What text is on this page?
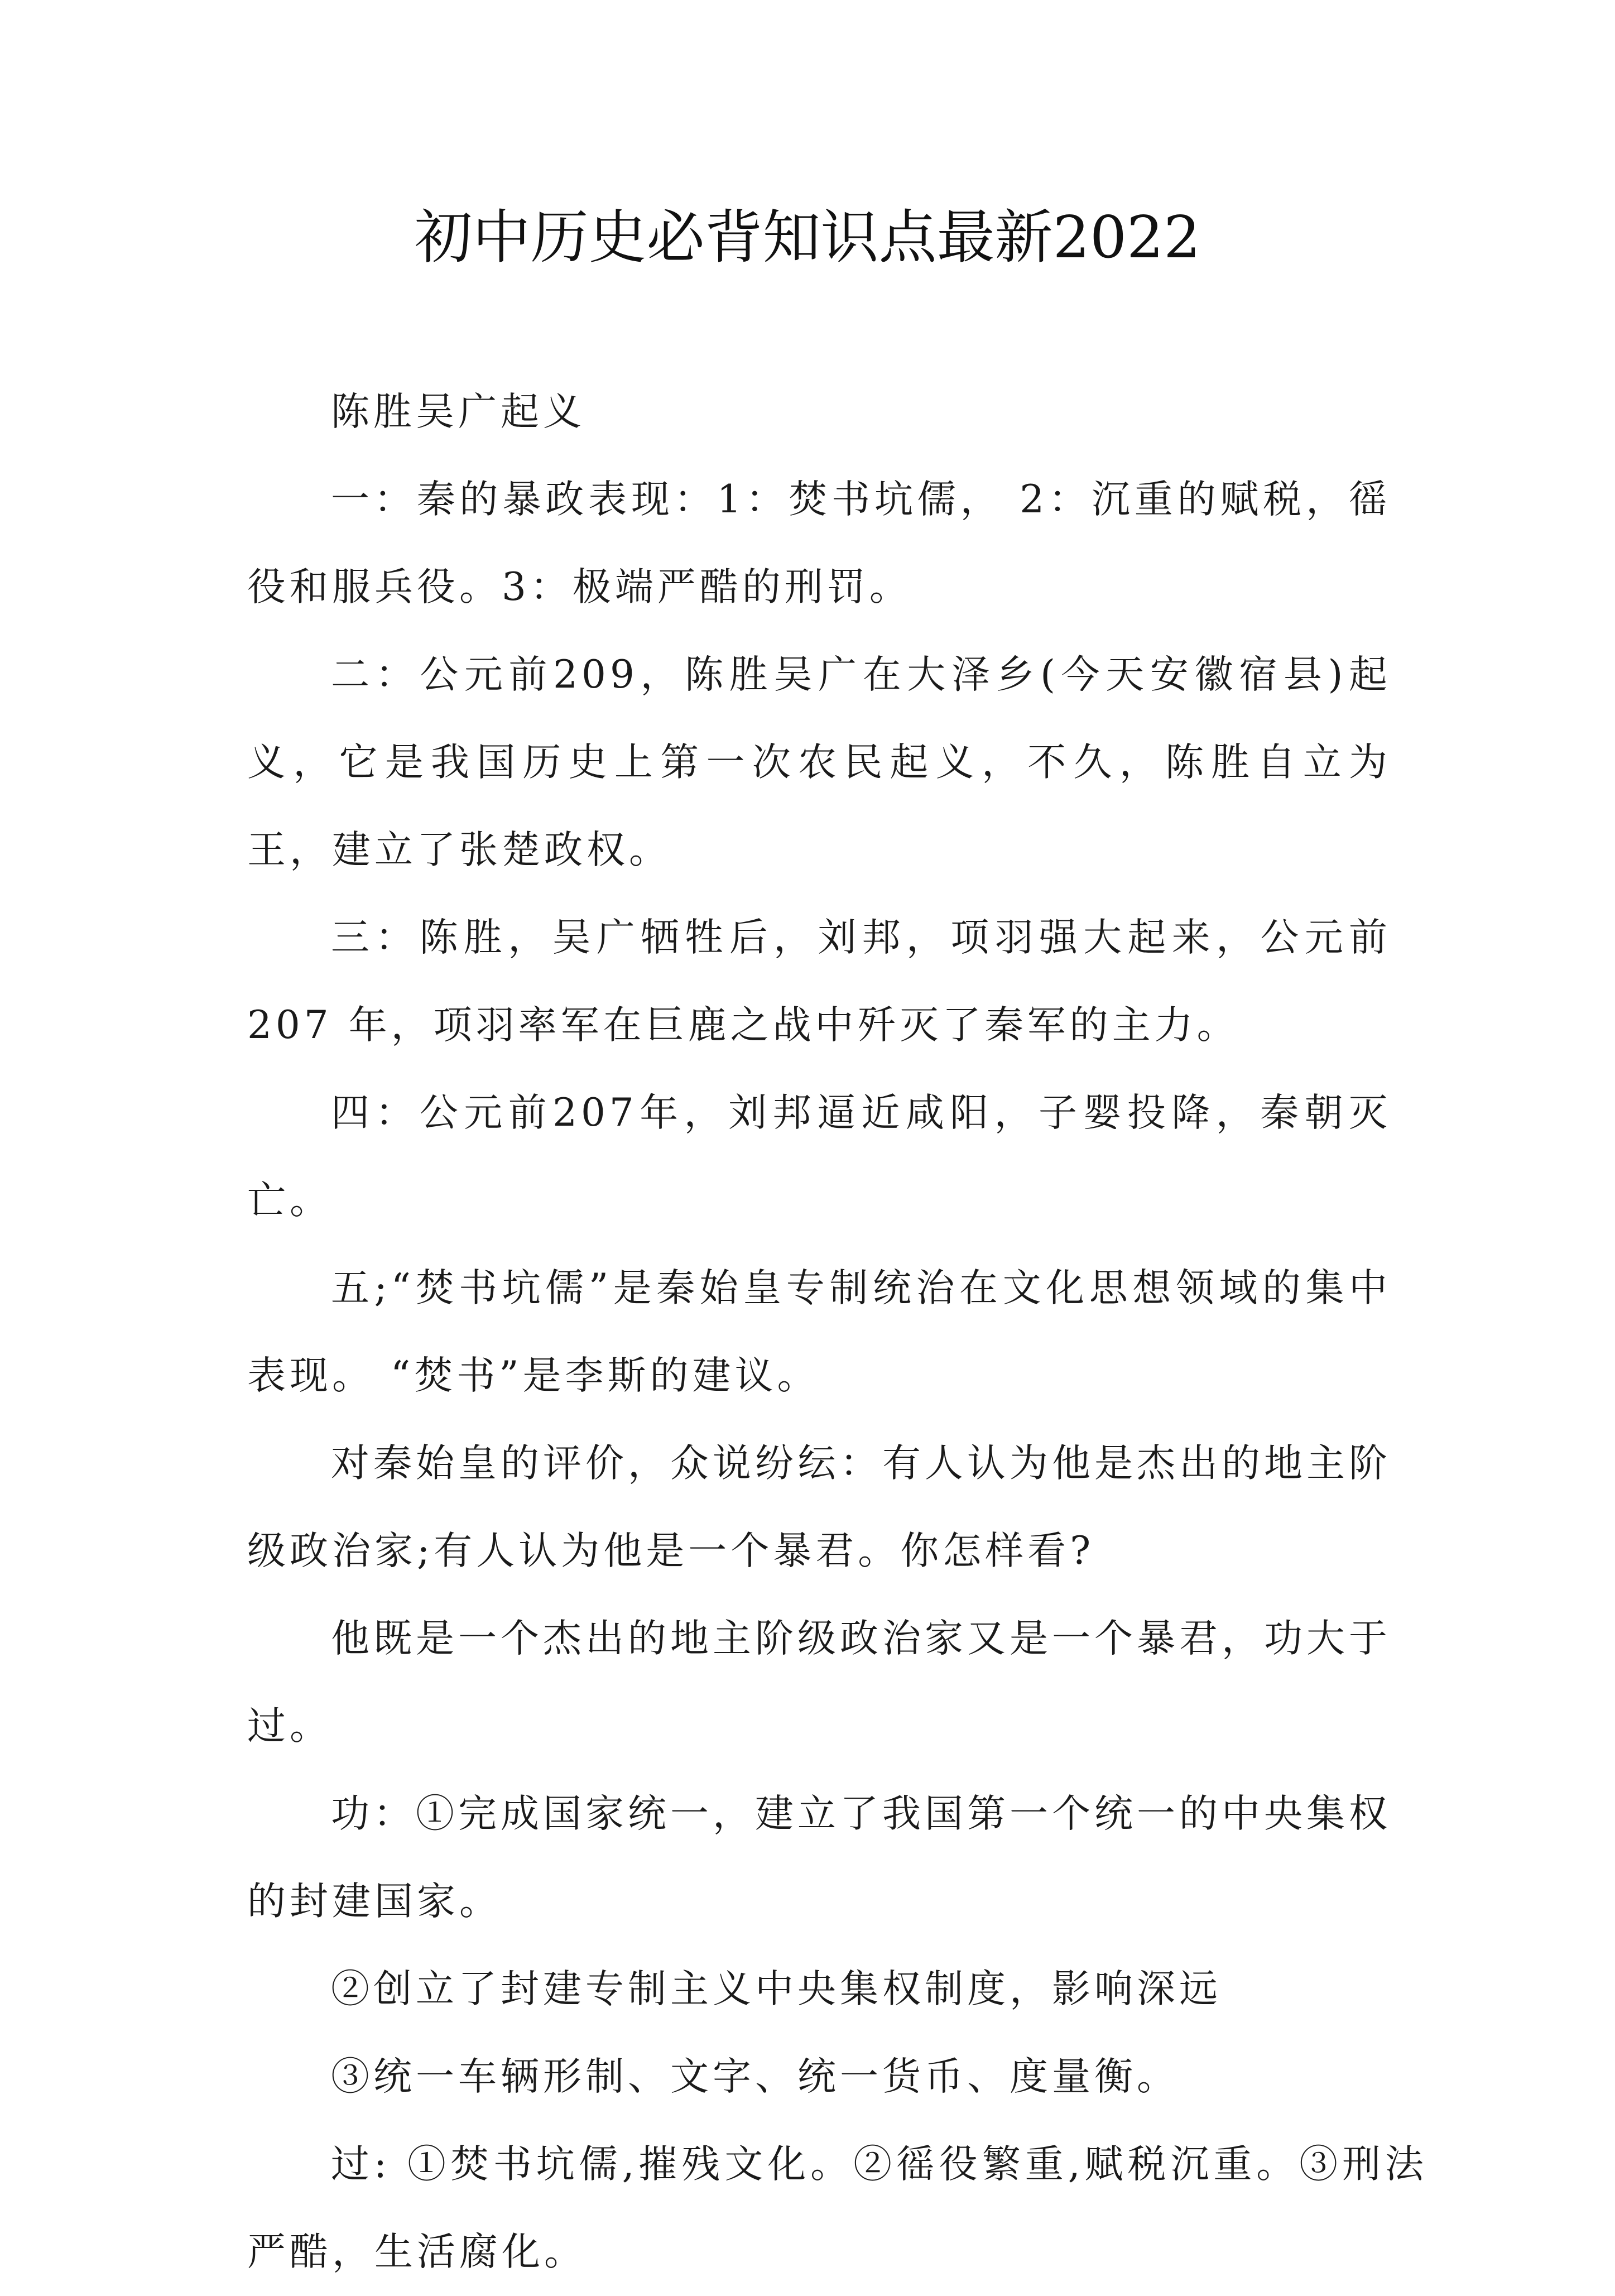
初中历史必背知识点最新2022

陈胜吴广起义

一：秦的暴政表现：1：焚书坑儒， 2：沉重的赋税，徭役和服兵役。3：极端严酷的刑罚。

二：公元前209，陈胜吴广在大泽乡(今天安徽宿县)起义，它是我国历史上第一次农民起义，不久，陈胜自立为王，建立了张楚政权。

三：陈胜，吴广牺牲后，刘邦，项羽强大起来，公元前207 年，项羽率军在巨鹿之战中歼灭了秦军的主力。

四：公元前207年，刘邦逼近咸阳，子婴投降，秦朝灭亡。

五;“焚书坑儒”是秦始皇专制统治在文化思想领域的集中表现。 “焚书”是李斯的建议。

对秦始皇的评价，众说纷纭：有人认为他是杰出的地主阶级政治家;有人认为他是一个暴君。你怎样看?

他既是一个杰出的地主阶级政治家又是一个暴君，功大于过。

功：①完成国家统一，建立了我国第一个统一的中央集权的封建国家。

②创立了封建专制主义中央集权制度，影响深远

③统一车辆形制、文字、统一货币、度量衡。

过: ①焚书坑儒,摧残文化。②徭役繁重,赋税沉重。③刑法严酷，生活腐化。
